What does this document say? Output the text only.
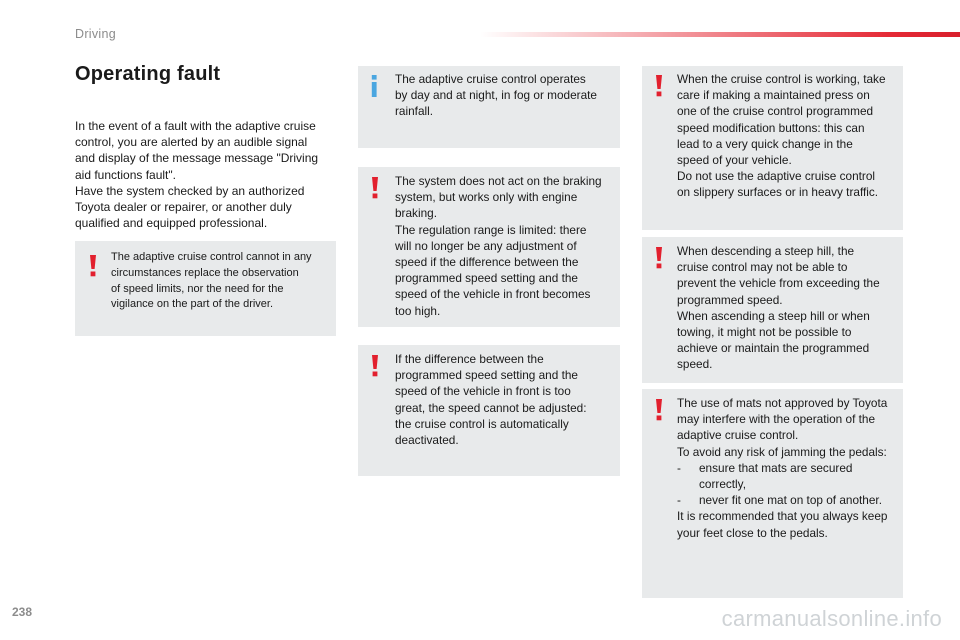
Driving
Operating fault
In the event of a fault with the adaptive cruise
control, you are alerted by an audible signal
and display of the message message "Driving
aid functions fault".
Have the system checked by an authorized
Toyota dealer or repairer, or another duly
qualified and equipped professional.
The adaptive cruise control cannot in any
circumstances replace the observation
of speed limits, nor the need for the
vigilance on the part of the driver.
The adaptive cruise control operates
by day and at night, in fog or moderate
rainfall.
The system does not act on the braking
system, but works only with engine
braking.
The regulation range is limited: there
will no longer be any adjustment of
speed if the difference between the
programmed speed setting and the
speed of the vehicle in front becomes
too high.
If the difference between the
programmed speed setting and the
speed of the vehicle in front is too
great, the speed cannot be adjusted:
the cruise control is automatically
deactivated.
When the cruise control is working, take
care if making a maintained press on
one of the cruise control programmed
speed modification buttons: this can
lead to a very quick change in the
speed of your vehicle.
Do not use the adaptive cruise control
on slippery surfaces or in heavy traffic.
When descending a steep hill, the
cruise control may not be able to
prevent the vehicle from exceeding the
programmed speed.
When ascending a steep hill or when
towing, it might not be possible to
achieve or maintain the programmed
speed.
The use of mats not approved by Toyota
may interfere with the operation of the
adaptive cruise control.
To avoid any risk of jamming the pedals:
-	ensure that mats are secured
correctly,
-	never fit one mat on top of another.
It is recommended that you always keep
your feet close to the pedals.
238	carmanualsonline.info
